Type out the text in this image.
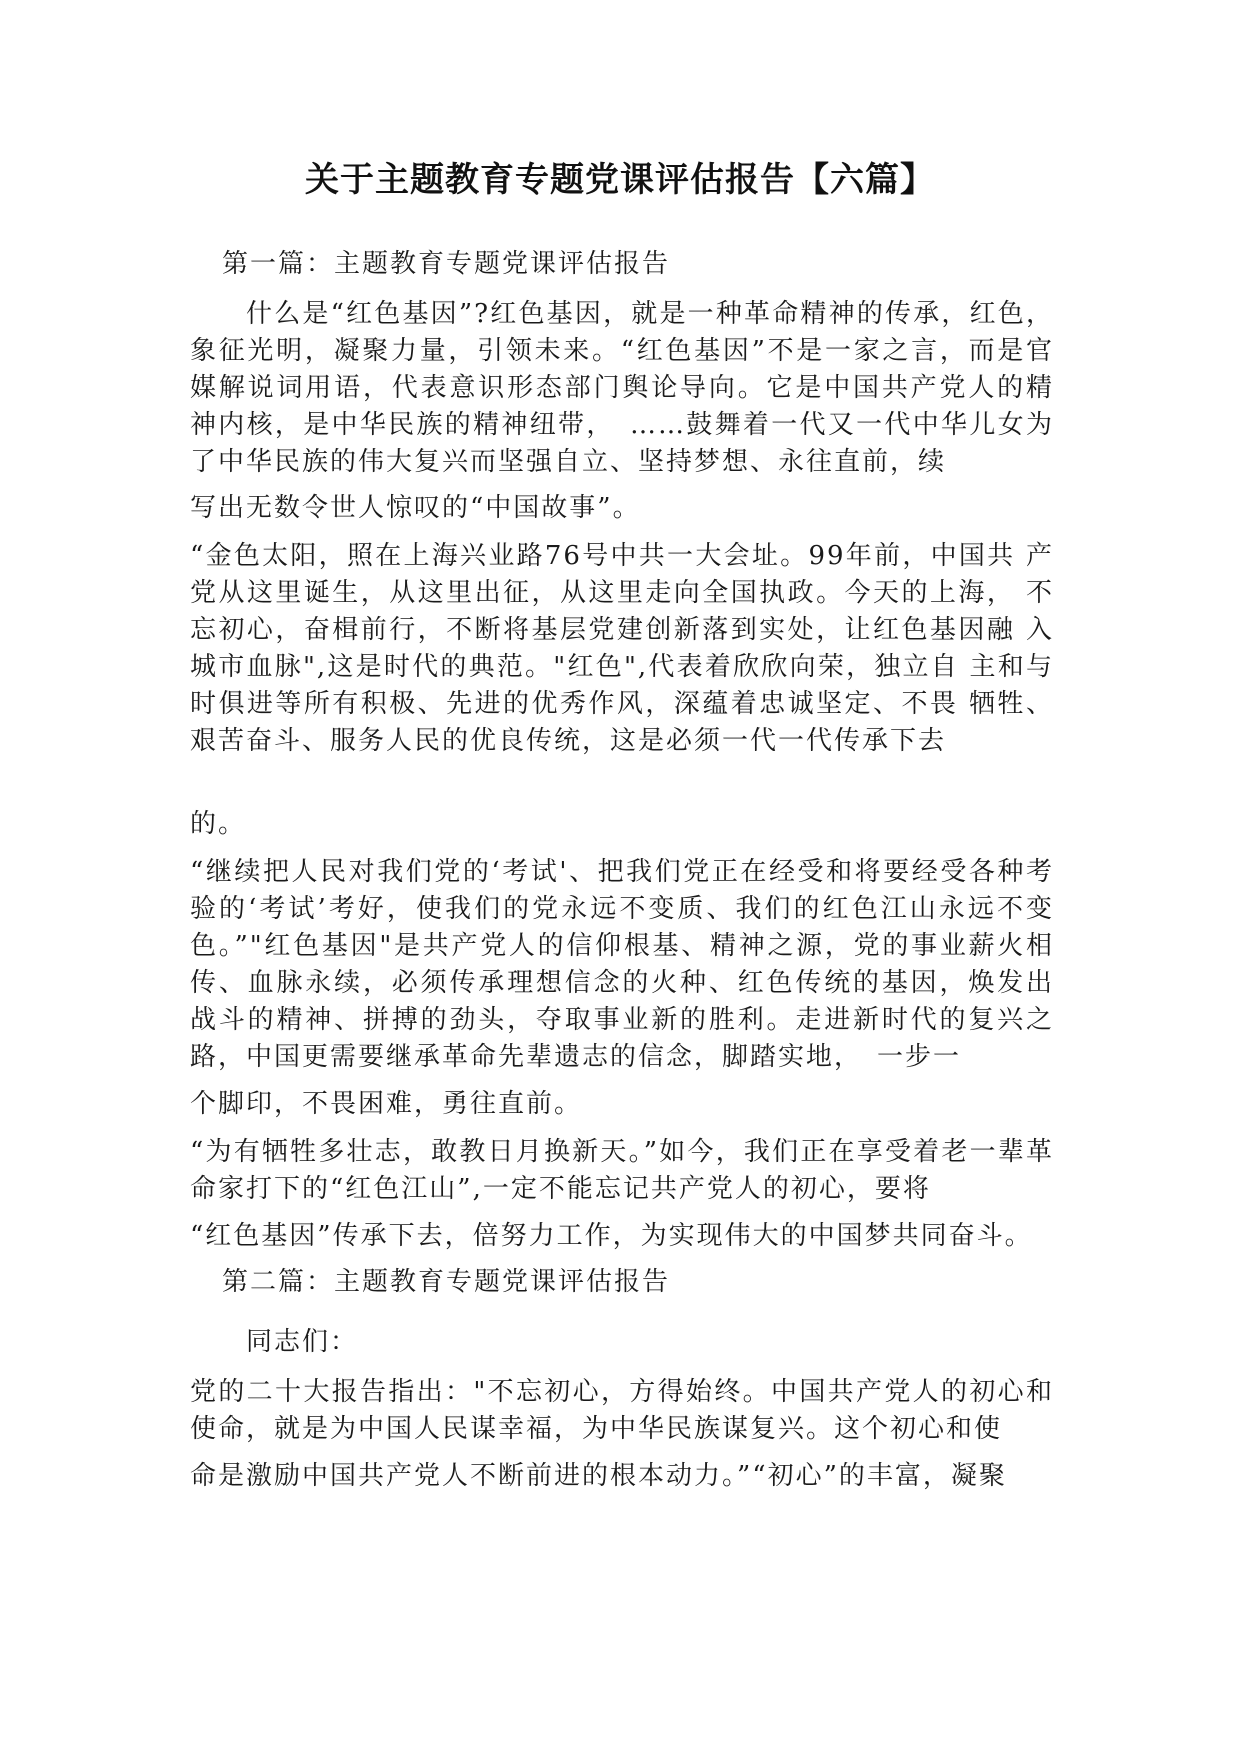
关于主题教育专题党课评估报告【六篇】
第一篇：主题教育专题党课评估报告
什么是“红色基因”?红色基因，就是一种革命精神的传承，红色，象征光明，凝聚力量，引领未来。“红色基因”不是一家之言，而是官媒解说词用语，代表意识形态部门舆论导向。它是中国共产党人的精神内核，是中华民族的精神纽带，　……鼓舞着一代又一代中华儿女为了中华民族的伟大复兴而坚强自立、坚持梦想、永往直前，续
写出无数令世人惊叹的“中国故事”。
“金色太阳，照在上海兴业路76号中共一大会址。99年前，中国共 产党从这里诞生，从这里出征，从这里走向全国执政。今天的上海， 不忘初心，奋楫前行，不断将基层党建创新落到实处，让红色基因融 入城市血脉",这是时代的典范。"红色",代表着欣欣向荣，独立自 主和与时俱进等所有积极、先进的优秀作风，深蕴着忠诚坚定、不畏 牺牲、艰苦奋斗、服务人民的优良传统，这是必须一代一代传承下去
的。
“继续把人民对我们党的‘考试'、把我们党正在经受和将要经受各种考验的‘考试’考好，使我们的党永远不变质、我们的红色江山永远不变色。”"红色基因"是共产党人的信仰根基、精神之源，党的事业薪火相传、血脉永续，必须传承理想信念的火种、红色传统的基因，焕发出战斗的精神、拼搏的劲头，夺取事业新的胜利。走进新时代的复兴之路，中国更需要继承革命先辈遗志的信念，脚踏实地，　一步一
个脚印，不畏困难，勇往直前。
“为有牺牲多壮志，敢教日月换新天。”如今，我们正在享受着老一辈革命家打下的“红色江山”,一定不能忘记共产党人的初心，要将
“红色基因”传承下去，倍努力工作，为实现伟大的中国梦共同奋斗。
第二篇：主题教育专题党课评估报告
同志们：
党的二十大报告指出："不忘初心，方得始终。中国共产党人的初心和使命，就是为中国人民谋幸福，为中华民族谋复兴。这个初心和使
命是激励中国共产党人不断前进的根本动力。”“初心”的丰富，凝聚
